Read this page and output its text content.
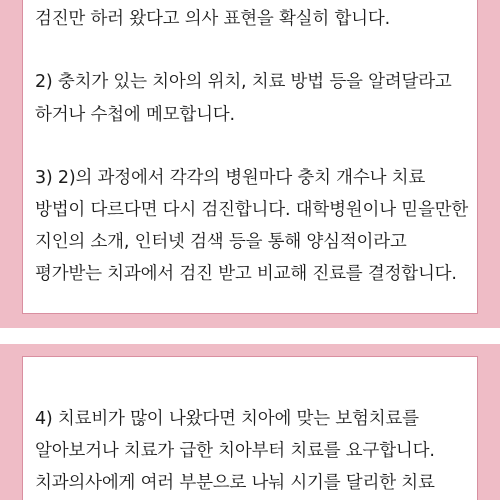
검진만 하러 왔다고 의사 표현을 확실히 합니다.
2) 충치가 있는 치아의 위치, 치료 방법 등을 알려달라고
하거나 수첩에 메모합니다.
3) 2)의 과정에서 각각의 병원마다 충치 개수나 치료
방법이 다르다면 다시 검진합니다. 대학병원이나 믿을만한
지인의 소개, 인터넷 검색 등을 통해 양심적이라고
평가받는 치과에서 검진 받고 비교해 진료를 결정합니다.
4) 치료비가 많이 나왔다면 치아에 맞는 보험치료를
알아보거나 치료가 급한 치아부터 치료를 요구합니다.
치과의사에게 여러 부분으로 나눠 시기를 달리한 치료
